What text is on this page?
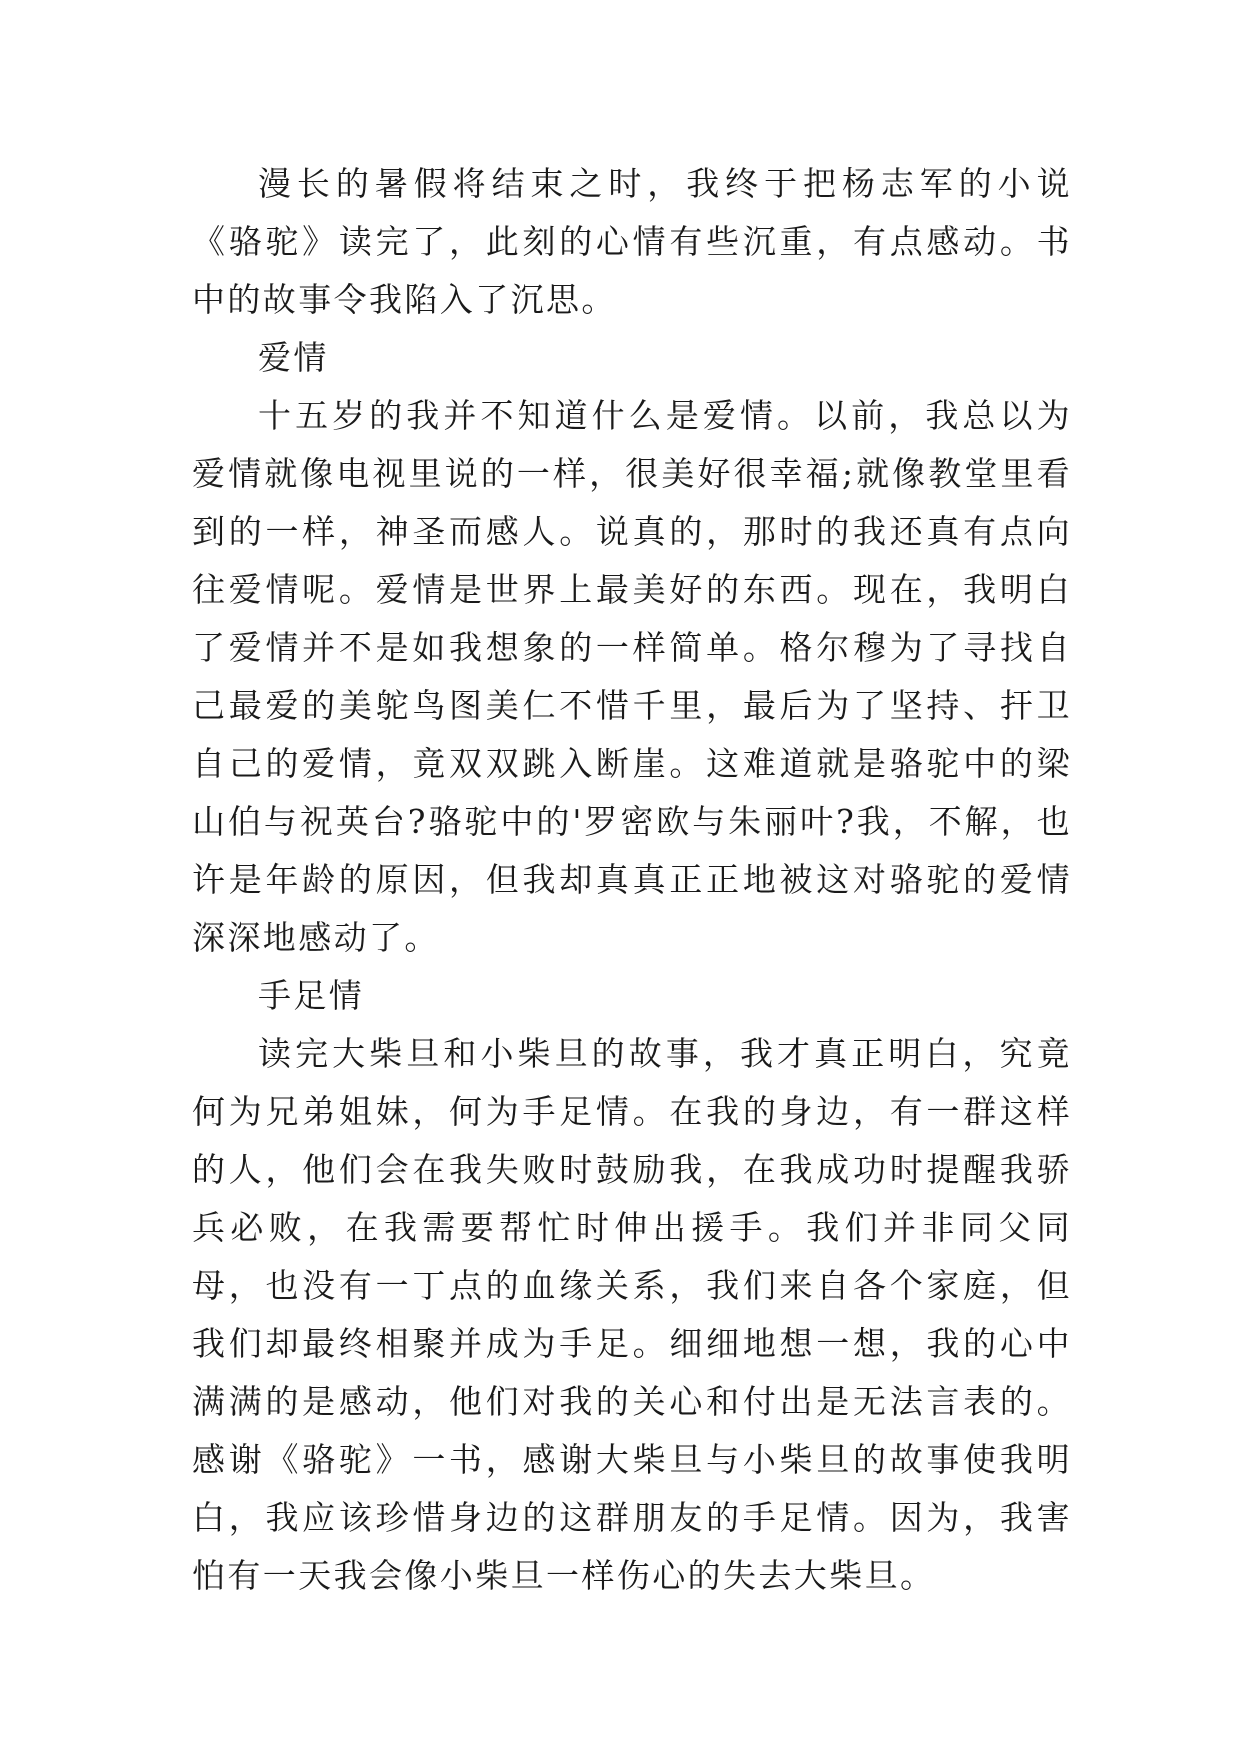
漫长的暑假将结束之时，我终于把杨志军的小说《骆驼》读完了，此刻的心情有些沉重，有点感动。书中的故事令我陷入了沉思。

爱情

十五岁的我并不知道什么是爱情。以前，我总以为爱情就像电视里说的一样，很美好很幸福;就像教堂里看到的一样，神圣而感人。说真的，那时的我还真有点向往爱情呢。爱情是世界上最美好的东西。现在，我明白了爱情并不是如我想象的一样简单。格尔穆为了寻找自己最爱的美鸵鸟图美仁不惜千里，最后为了坚持、扞卫自己的爱情，竟双双跳入断崖。这难道就是骆驼中的梁山伯与祝英台?骆驼中的'罗密欧与朱丽叶?我，不解，也许是年龄的原因，但我却真真正正地被这对骆驼的爱情深深地感动了。

手足情

读完大柴旦和小柴旦的故事，我才真正明白，究竟何为兄弟姐妹，何为手足情。在我的身边，有一群这样的人，他们会在我失败时鼓励我，在我成功时提醒我骄兵必败，在我需要帮忙时伸出援手。我们并非同父同母，也没有一丁点的血缘关系，我们来自各个家庭，但我们却最终相聚并成为手足。细细地想一想，我的心中满满的是感动，他们对我的关心和付出是无法言表的。感谢《骆驼》一书，感谢大柴旦与小柴旦的故事使我明白，我应该珍惜身边的这群朋友的手足情。因为，我害怕有一天我会像小柴旦一样伤心的失去大柴旦。
